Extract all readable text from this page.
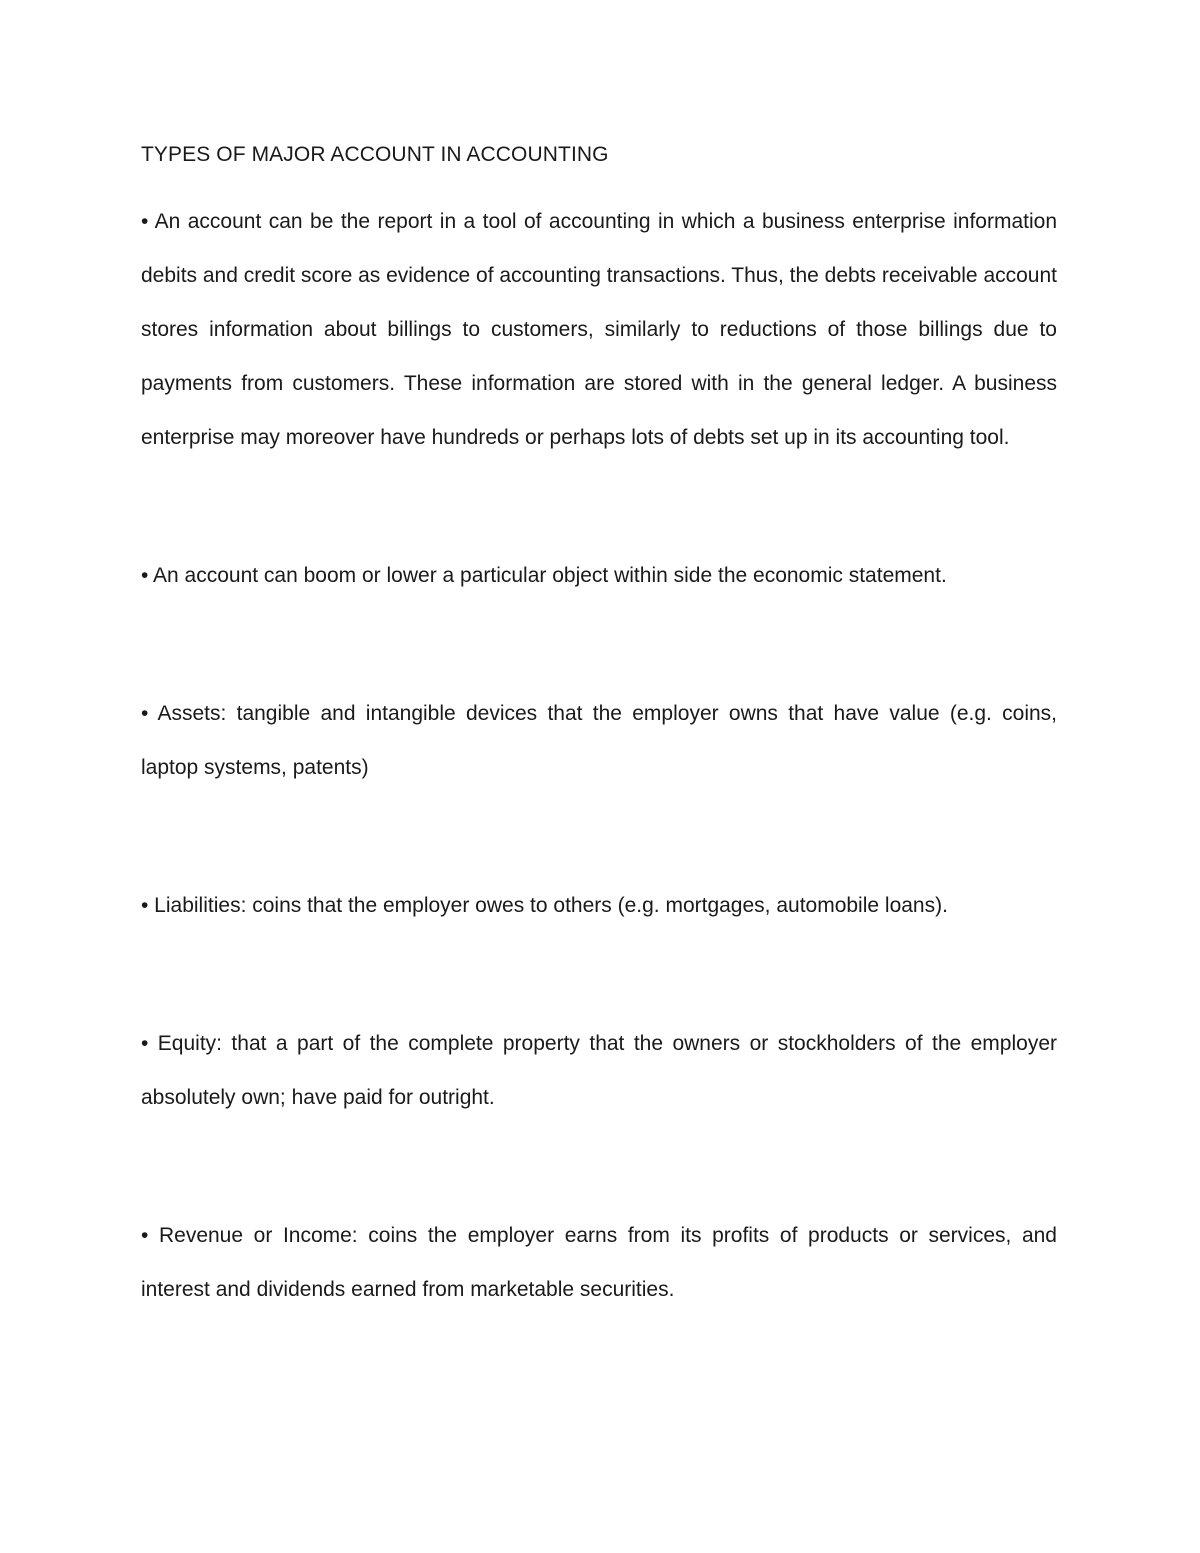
TYPES OF MAJOR ACCOUNT IN ACCOUNTING

• An account can be the report in a tool of accounting in which a business enterprise information debits and credit score as evidence of accounting transactions. Thus, the debts receivable account stores information about billings to customers, similarly to reductions of those billings due to payments from customers. These information are stored with in the general ledger. A business enterprise may moreover have hundreds or perhaps lots of debts set up in its accounting tool.

• An account can boom or lower a particular object within side the economic statement.

• Assets: tangible and intangible devices that the employer owns that have value (e.g. coins, laptop systems, patents)

• Liabilities: coins that the employer owes to others (e.g. mortgages, automobile loans).

• Equity: that a part of the complete property that the owners or stockholders of the employer absolutely own; have paid for outright.

• Revenue or Income: coins the employer earns from its profits of products or services, and interest and dividends earned from marketable securities.
